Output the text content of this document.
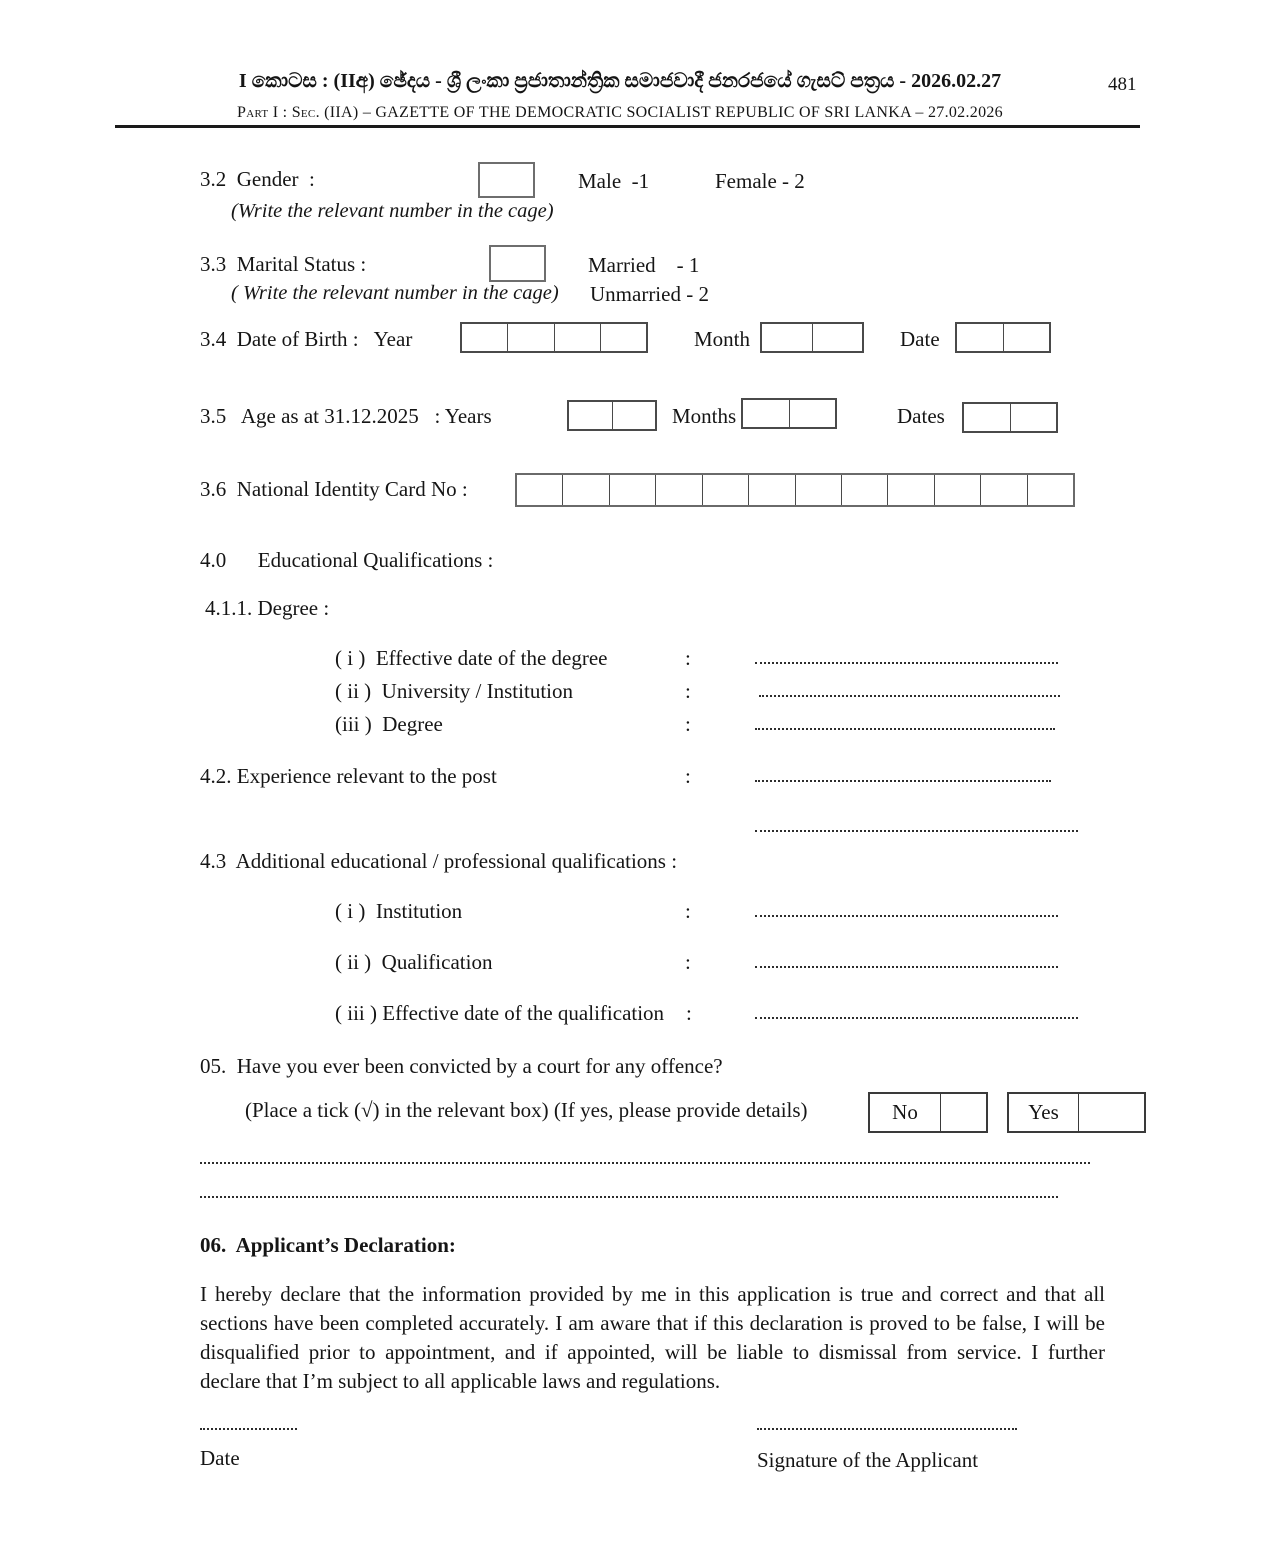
I කොටස : (IIඅ) ඡේදය - ශ්‍රී ලංකා ප්‍රජාතාන්ත්‍රික සමාජවාදී ජනරජයේ ගැසට් පත්‍රය - 2026.02.27	481
Part I : Sec. (IIA) – GAZETTE OF THE DEMOCRATIC SOCIALIST REPUBLIC OF SRI LANKA – 27.02.2026
3.2  Gender  :	Male  -1	Female - 2
(Write the relevant number in the cage)
3.3  Marital Status :	Married    - 1
( Write the relevant number in the cage) Unmarried - 2
3.4  Date of Birth :   Year	Month	Date
3.5   Age as at 31.12.2025   : Years	Months	Dates
3.6  National Identity Card No :
4.0      Educational Qualifications :
4.1.1. Degree :
( i )  Effective date of the degree	:
( ii )  University / Institution	:
(iii )  Degree	:
4.2. Experience relevant to the post	:
4.3  Additional educational / professional qualifications :
( i )  Institution	:
( ii )  Qualification	:
( iii ) Effective date of the qualification :
05.  Have you ever been convicted by a court for any offence?
(Place a tick (√) in the relevant box) (If yes, please provide details)	No	Yes
06.  Applicant’s Declaration:
I hereby declare that the information provided by me in this application is true and correct and that all sections have been completed accurately. I am aware that if this declaration is proved to be false, I will be disqualified prior to appointment, and if appointed, will be liable to dismissal from service. I further declare that I’m subject to all applicable laws and regulations.
Date	Signature of the Applicant
